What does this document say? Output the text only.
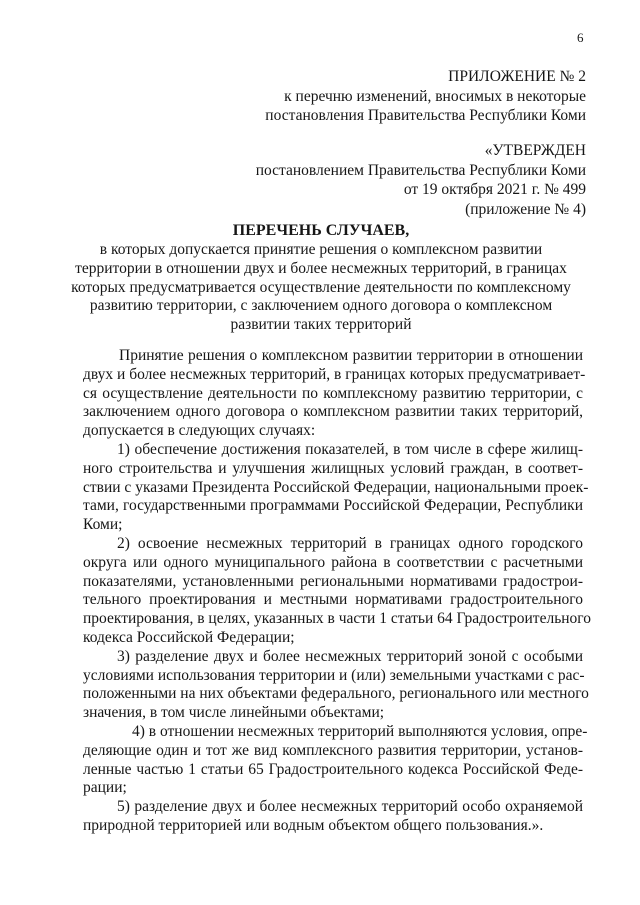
6
ПРИЛОЖЕНИЕ № 2
к перечню изменений, вносимых в некоторые
постановления Правительства Республики Коми
«УТВЕРЖДЕН
постановлением Правительства Республики Коми
от 19 октября 2021 г. № 499
(приложение № 4)
ПЕРЕЧЕНЬ СЛУЧАЕВ,
в которых допускается принятие решения о комплексном развитии
территории в отношении двух и более несмежных территорий, в границах
которых предусматривается осуществление деятельности по комплексному
развитию территории, с заключением одного договора о комплексном
развитии таких территорий
Принятие решения о комплексном развитии территории в отношении
двух и более несмежных территорий, в границах которых предусматривает-
ся осуществление деятельности по комплексному развитию территории, с
заключением одного договора о комплексном развитии таких территорий,
допускается в следующих случаях:
1) обеспечение достижения показателей, в том числе в сфере жилищ-
ного строительства и улучшения жилищных условий граждан, в соответ-
ствии с указами Президента Российской Федерации, национальными проек-
тами, государственными программами Российской Федерации, Республики
Коми;
2) освоение несмежных территорий в границах одного городского
округа или одного муниципального района в соответствии с расчетными
показателями, установленными региональными нормативами градострои-
тельного проектирования и местными нормативами градостроительного
проектирования, в целях, указанных в части 1 статьи 64 Градостроительного
кодекса Российской Федерации;
3) разделение двух и более несмежных территорий зоной с особыми
условиями использования территории и (или) земельными участками с рас-
положенными на них объектами федерального, регионального или местного
значения, в том числе линейными объектами;
4) в отношении несмежных территорий выполняются условия, опре-
деляющие один и тот же вид комплексного развития территории, установ-
ленные частью 1 статьи 65 Градостроительного кодекса Российской Феде-
рации;
5) разделение двух и более несмежных территорий особо охраняемой
природной территорией или водным объектом общего пользования.».
